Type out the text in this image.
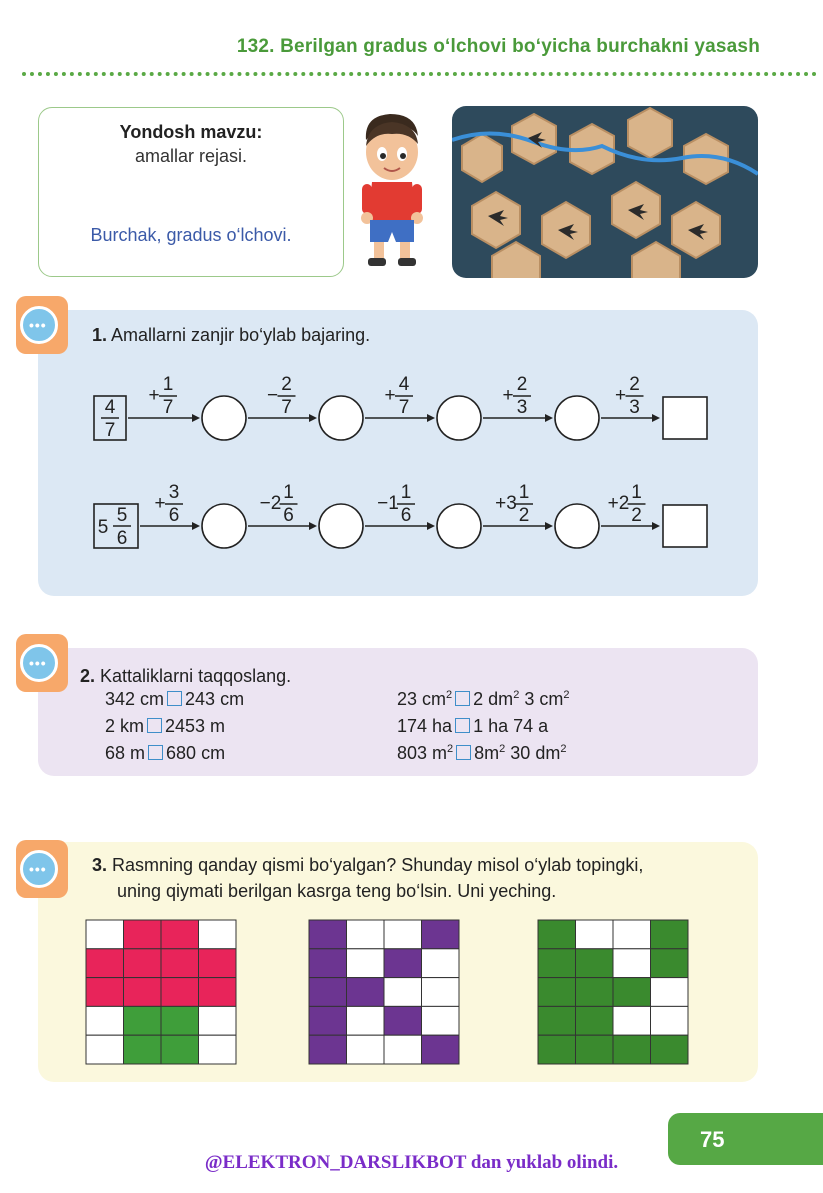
132. Berilgan gradus o‘lchovi bo‘yicha burchakni yasash
Yondosh mavzu:
amallar rejasi.
Burchak, gradus o‘lchovi.
•••	1. Amallarni zanjir bo‘ylab bajaring.
4
7
+
1
7
−
2
7
+
4
7
+
2
3
+
2
3
5
5
6
+
3
6
−2
1
6
−1
1
6
+3
1
2
+2
1
2
•••
2. Kattaliklarni taqqoslang.
342 cm 243 cm
2 km 2453 m
68 m 680 cm
23 $cm^2$ 2 $dm^2$ 3 $cm^2$
174 ha 1 ha 74 a
803 $m^2$ $8m^2$ 30 $dm^2$
•••	3. Rasmning qanday qismi bo‘yalgan? Shunday misol o‘ylab topingki,
uning qiymati berilgan kasrga teng bo‘lsin. Uni yeching.
75
@ELEKTRON_DARSLIKBOT dan yuklab olindi.
